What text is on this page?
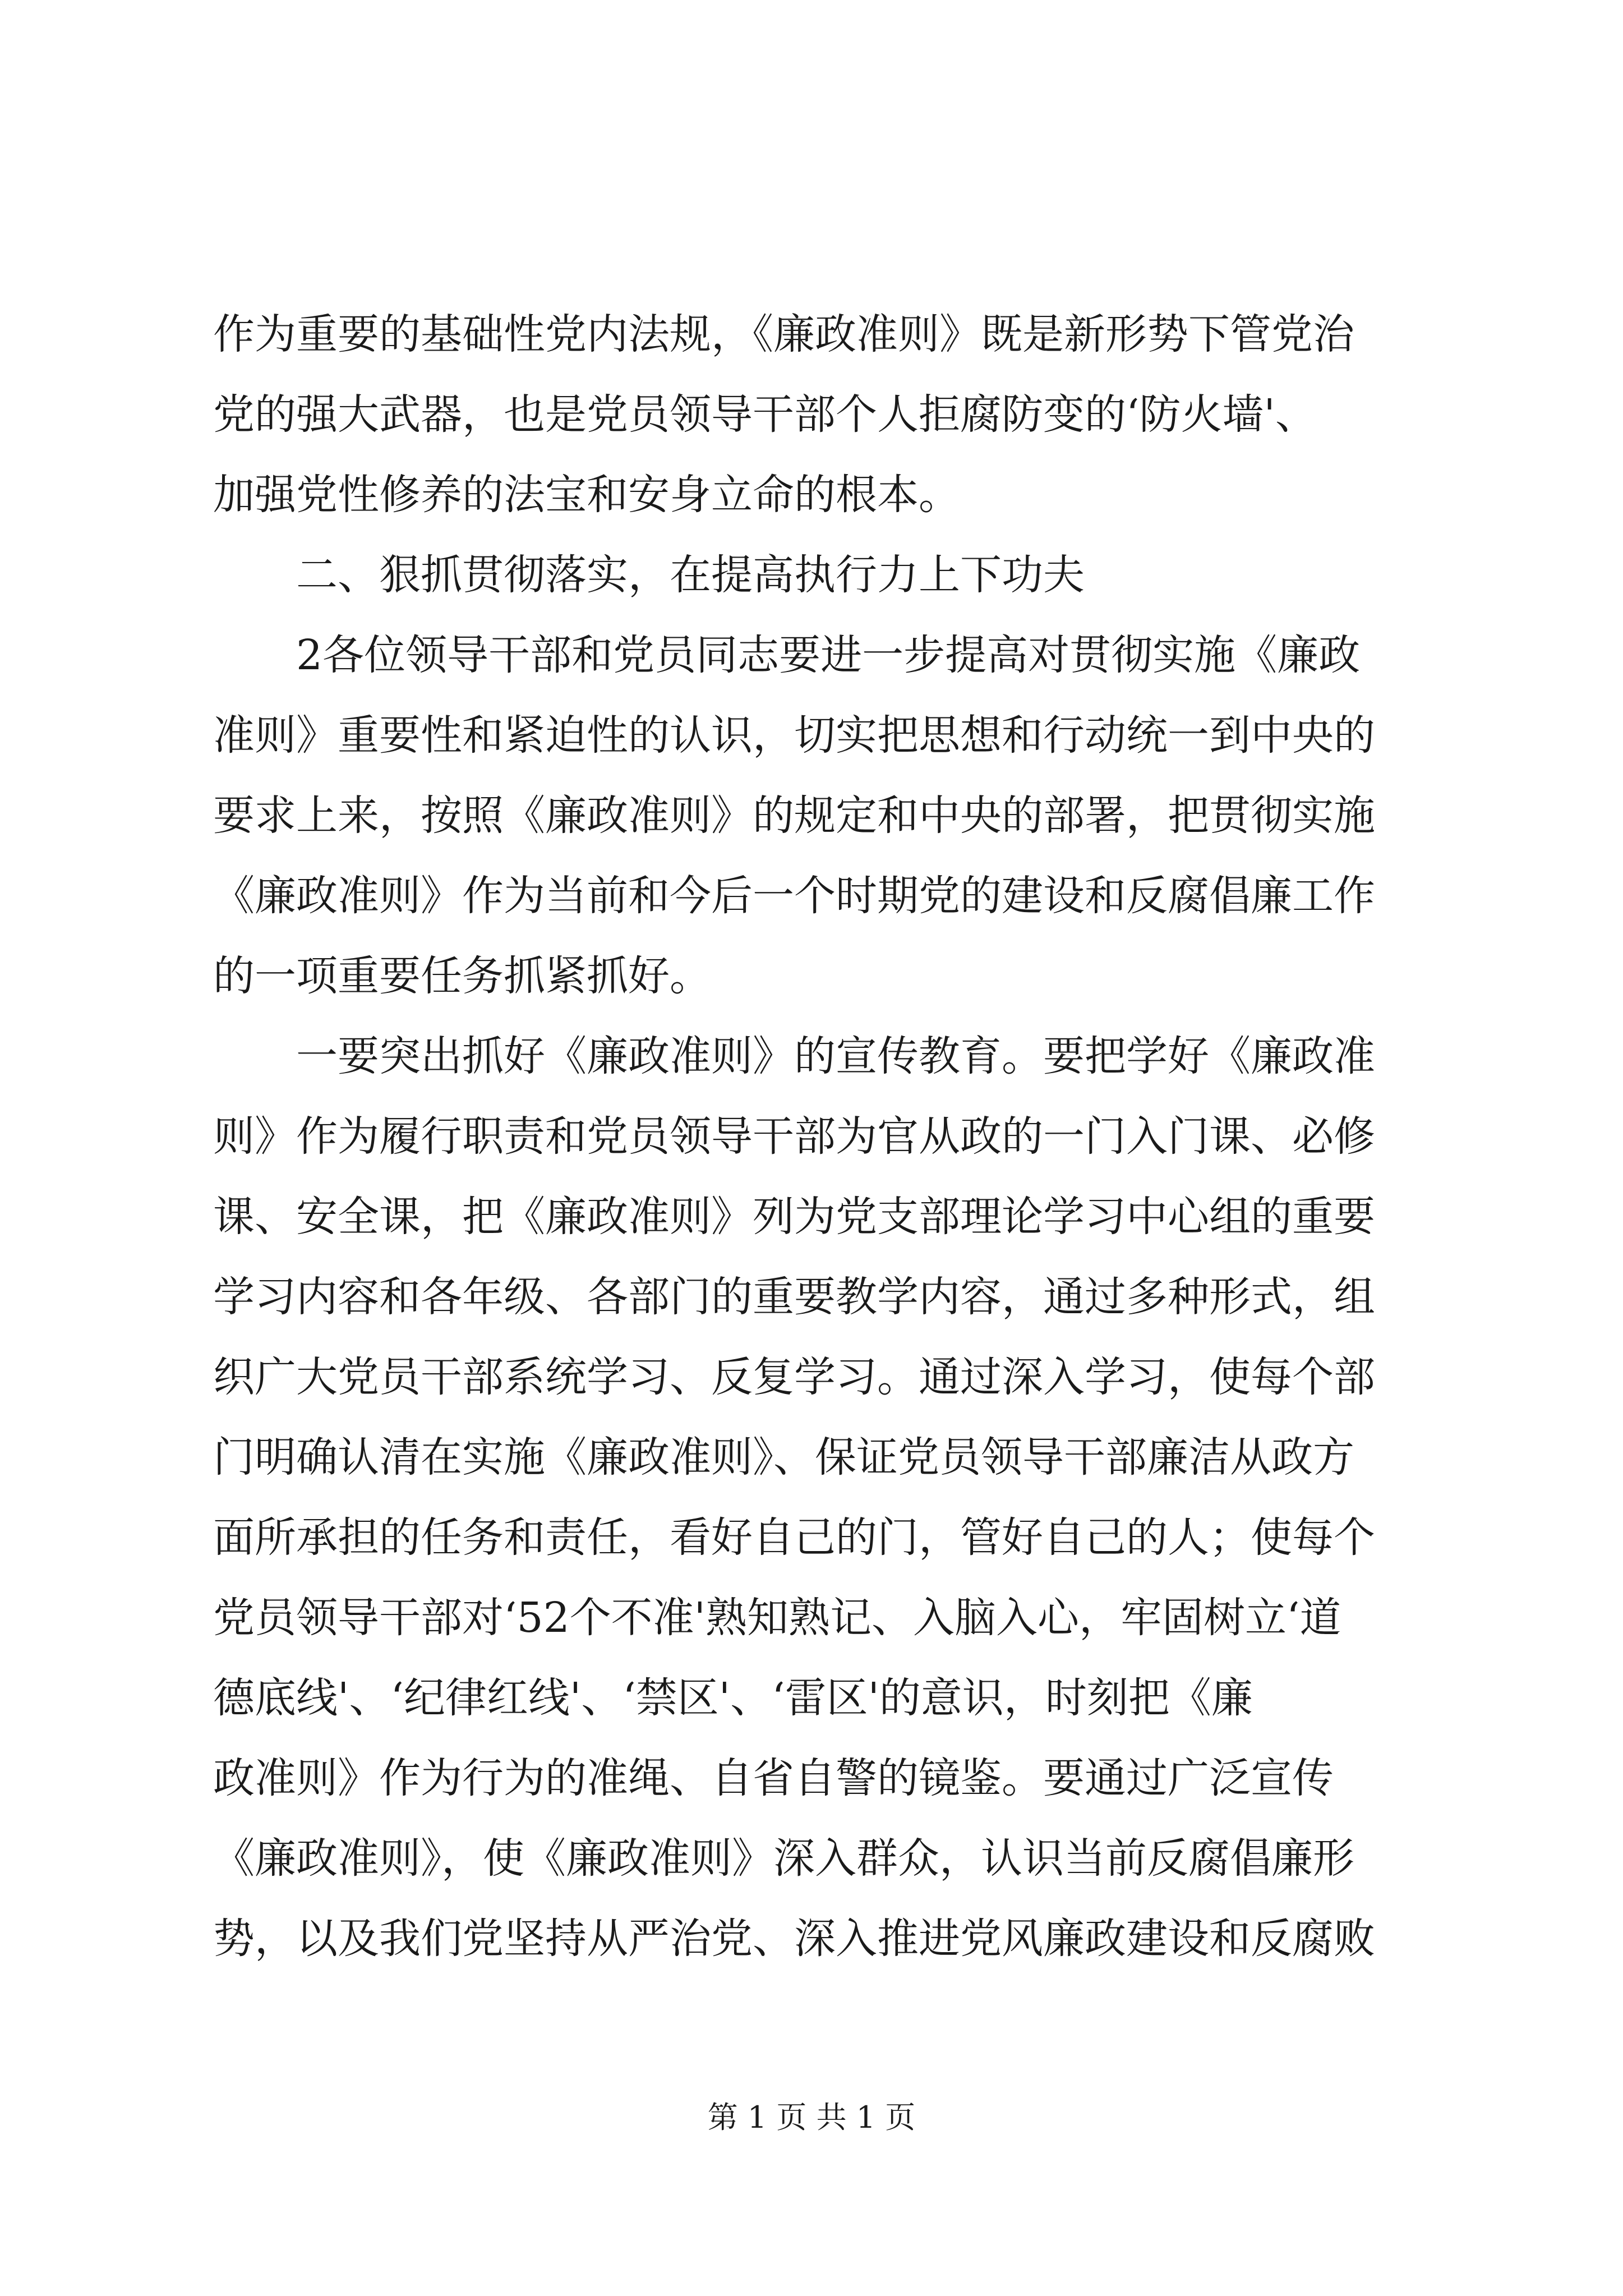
作为重要的基础性党内法规，《廉政准则》既是新形势下管党治
党的强大武器，也是党员领导干部个人拒腐防变的‘防火墙'、
加强党性修养的法宝和安身立命的根本。
　　二、狠抓贯彻落实，在提高执行力上下功夫
　　2各位领导干部和党员同志要进一步提高对贯彻实施《廉政
准则》重要性和紧迫性的认识，切实把思想和行动统一到中央的
要求上来，按照《廉政准则》的规定和中央的部署，把贯彻实施
《廉政准则》作为当前和今后一个时期党的建设和反腐倡廉工作
的一项重要任务抓紧抓好。
　　一要突出抓好《廉政准则》的宣传教育。要把学好《廉政准
则》作为履行职责和党员领导干部为官从政的一门入门课、必修
课、安全课，把《廉政准则》列为党支部理论学习中心组的重要
学习内容和各年级、各部门的重要教学内容，通过多种形式，组
织广大党员干部系统学习、反复学习。通过深入学习，使每个部
门明确认清在实施《廉政准则》、保证党员领导干部廉洁从政方
面所承担的任务和责任，看好自己的门，管好自己的人；使每个
党员领导干部对‘52个不准'熟知熟记、入脑入心，牢固树立‘道
德底线'、‘纪律红线'、‘禁区'、‘雷区'的意识，时刻把《廉
政准则》作为行为的准绳、自省自警的镜鉴。要通过广泛宣传
《廉政准则》，使《廉政准则》深入群众，认识当前反腐倡廉形
势，以及我们党坚持从严治党、深入推进党风廉政建设和反腐败
第 1 页 共 1 页
